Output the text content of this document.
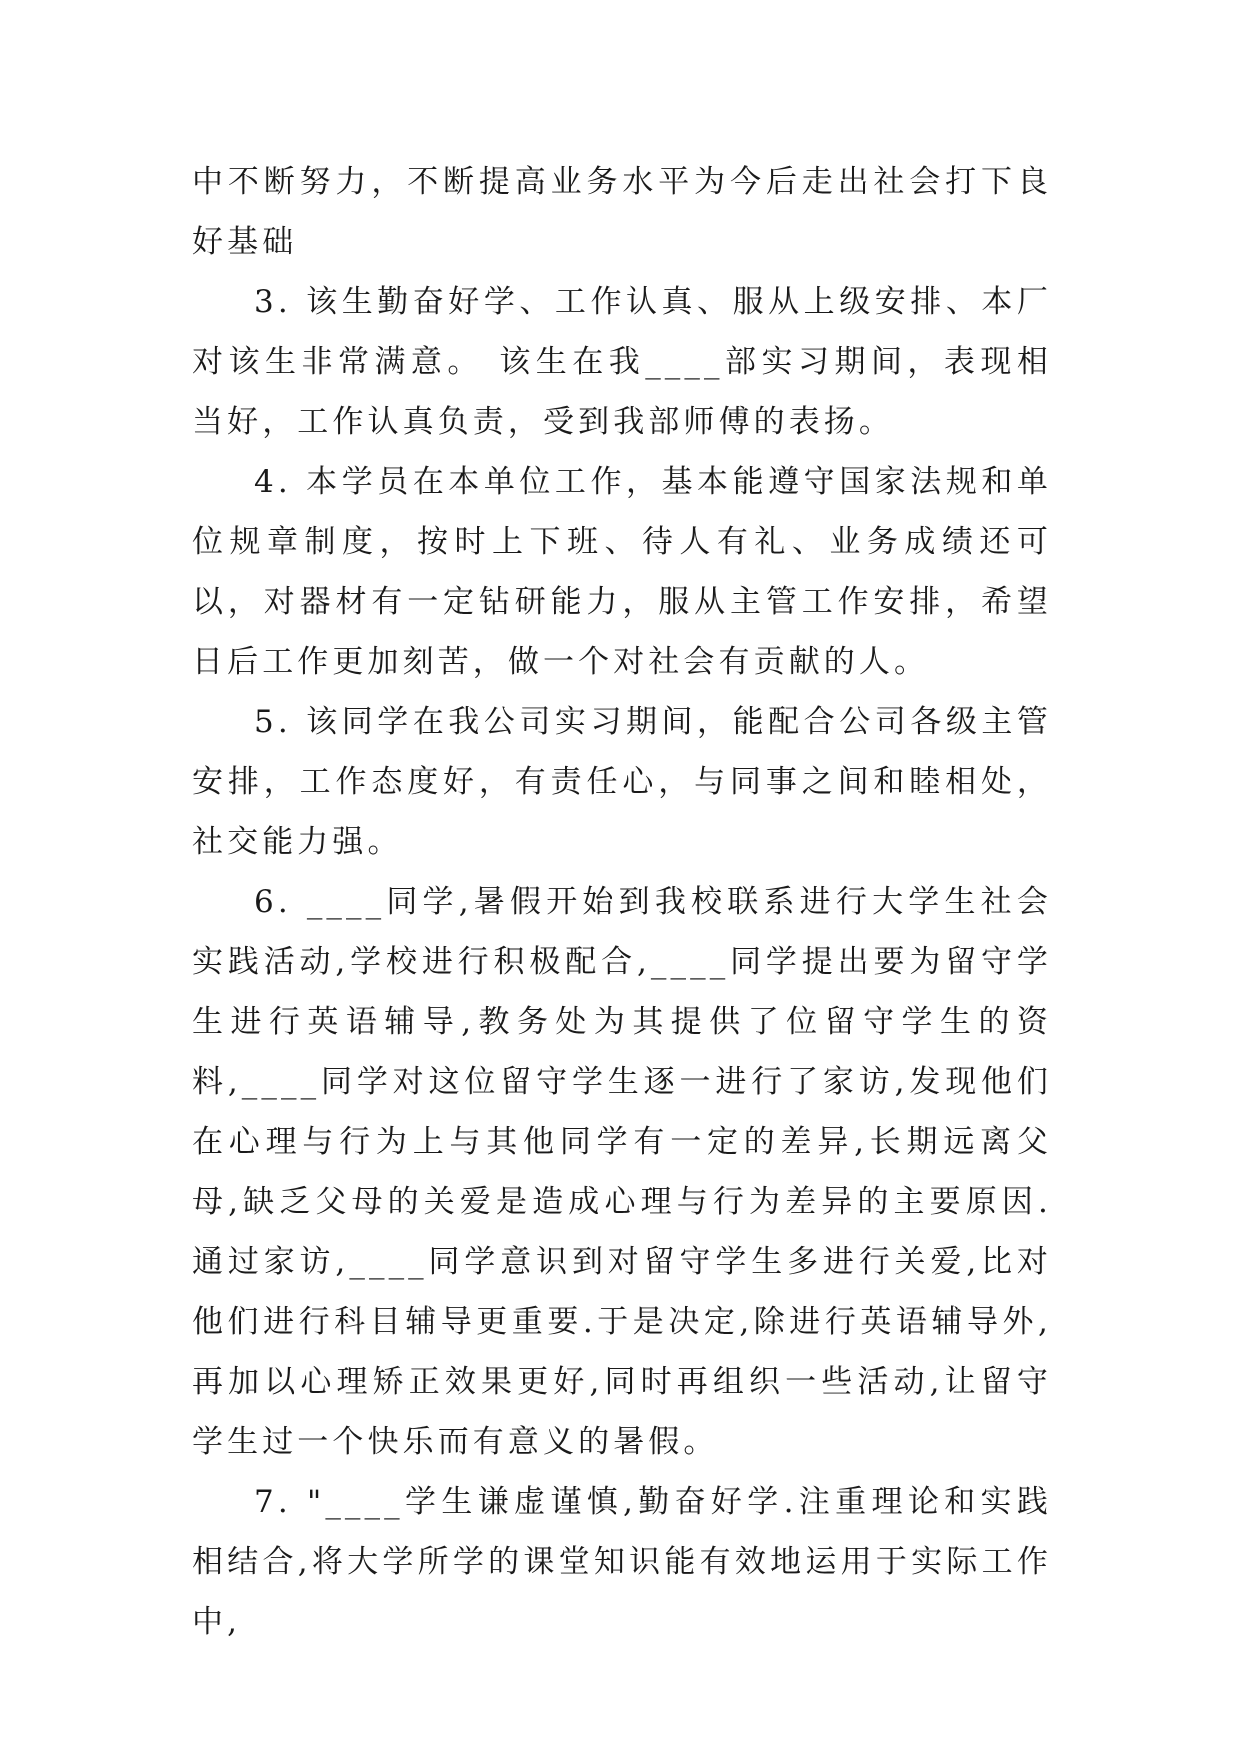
中不断努力，不断提高业务水平为今后走出社会打下良好基础

3. 该生勤奋好学、工作认真、服从上级安排、本厂对该生非常满意。 该生在我____部实习期间，表现相当好，工作认真负责，受到我部师傅的表扬。

4. 本学员在本单位工作，基本能遵守国家法规和单位规章制度，按时上下班、待人有礼、业务成绩还可以，对器材有一定钻研能力，服从主管工作安排，希望日后工作更加刻苦，做一个对社会有贡献的人。

5. 该同学在我公司实习期间，能配合公司各级主管安排，工作态度好，有责任心，与同事之间和睦相处，社交能力强。

6. ____同学,暑假开始到我校联系进行大学生社会实践活动,学校进行积极配合,____同学提出要为留守学生进行英语辅导,教务处为其提供了位留守学生的资料,____同学对这位留守学生逐一进行了家访,发现他们在心理与行为上与其他同学有一定的差异,长期远离父母,缺乏父母的关爱是造成心理与行为差异的主要原因.通过家访,____同学意识到对留守学生多进行关爱,比对他们进行科目辅导更重要.于是决定,除进行英语辅导外,再加以心理矫正效果更好,同时再组织一些活动,让留守学生过一个快乐而有意义的暑假。

7. "____学生谦虚谨慎,勤奋好学.注重理论和实践相结合,将大学所学的课堂知识能有效地运用于实际工作中,
